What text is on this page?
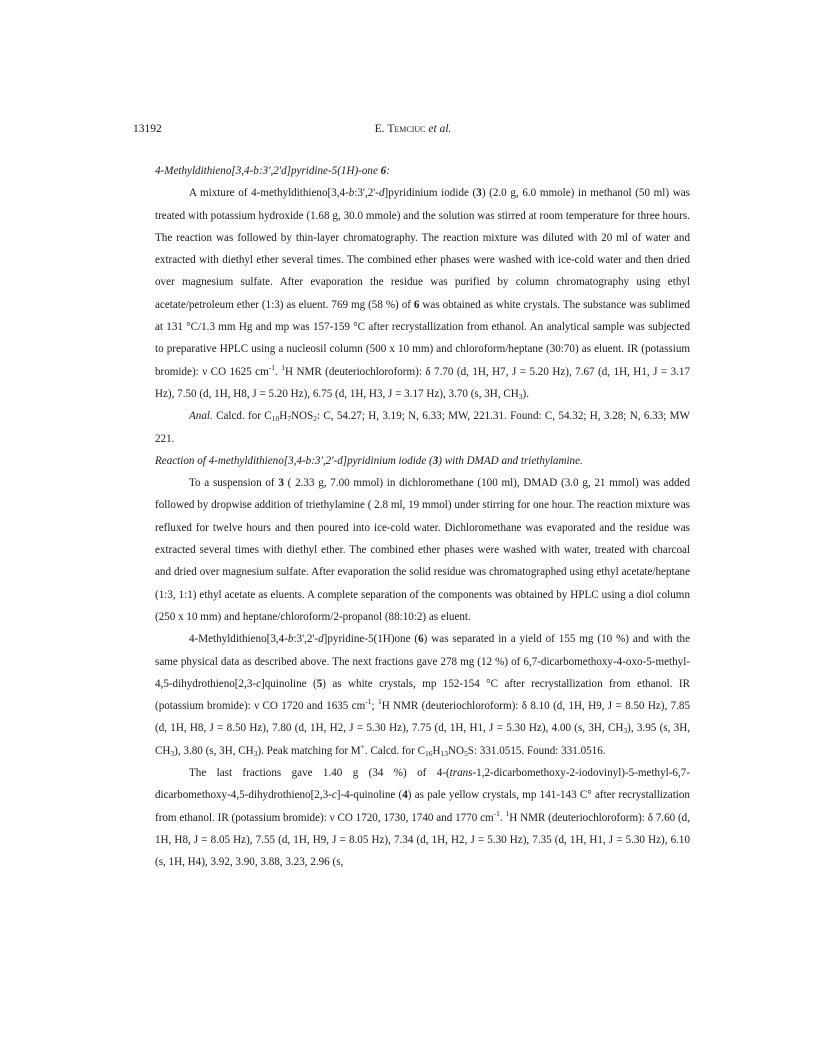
13192	E. Temciuc et al.
4-Methyldithieno[3,4-b:3',2'd]pyridine-5(1H)-one 6:

A mixture of 4-methyldithieno[3,4-b:3',2'-d]pyridinium iodide (3) (2.0 g, 6.0 mmole) in methanol (50 ml) was treated with potassium hydroxide (1.68 g, 30.0 mmole) and the solution was stirred at room temperature for three hours. The reaction was followed by thin-layer chromatography. The reaction mixture was diluted with 20 ml of water and extracted with diethyl ether several times. The combined ether phases were washed with ice-cold water and then dried over magnesium sulfate. After evaporation the residue was purified by column chromatography using ethyl acetate/petroleum ether (1:3) as eluent. 769 mg (58 %) of 6 was obtained as white crystals. The substance was sublimed at 131 °C/1.3 mm Hg and mp was 157-159 °C after recrystallization from ethanol. An analytical sample was subjected to preparative HPLC using a nucleosil column (500 x 10 mm) and chloroform/heptane (30:70) as eluent. IR (potassium bromide): ν CO 1625 $cm^{-1}$. $^1$H NMR (deuteriochloroform): δ 7.70 (d, 1H, H7, J = 5.20 Hz), 7.67 (d, 1H, H1, J = 3.17 Hz), 7.50 (d, 1H, H8, J = 5.20 Hz), 6.75 (d, 1H, H3, J = 3.17 Hz), 3.70 (s, 3H, $CH_3$).

Anal. Calcd. for $C_{10}H_7NOS_2$: C, 54.27; H, 3.19; N, 6.33; MW, 221.31. Found: C, 54.32; H, 3.28; N, 6.33; MW 221.

Reaction of 4-methyldithieno[3,4-b:3',2'-d]pyridinium iodide (3) with DMAD and triethylamine.

To a suspension of 3 ( 2.33 g, 7.00 mmol) in dichloromethane (100 ml), DMAD (3.0 g, 21 mmol) was added followed by dropwise addition of triethylamine ( 2.8 ml, 19 mmol) under stirring for one hour. The reaction mixture was refluxed for twelve hours and then poured into ice-cold water. Dichloromethane was evaporated and the residue was extracted several times with diethyl ether. The combined ether phases were washed with water, treated with charcoal and dried over magnesium sulfate. After evaporation the solid residue was chromatographed using ethyl acetate/heptane (1:3, 1:1) ethyl acetate as eluents. A complete separation of the components was obtained by HPLC using a diol column (250 x 10 mm) and heptane/chloroform/2-propanol (88:10:2) as eluent.

4-Methyldithieno[3,4-b:3',2'-d]pyridine-5(1H)one (6) was separated in a yield of 155 mg (10 %) and with the same physical data as described above. The next fractions gave 278 mg (12 %) of 6,7-dicarbomethoxy-4-oxo-5-methyl-4,5-dihydrothieno[2,3-c]quinoline (5) as white crystals, mp 152-154 °C after recrystallization from ethanol. IR (potassium bromide): ν CO 1720 and 1635 $cm^{-1}$; $^1$H NMR (deuteriochloroform): δ 8.10 (d, 1H, H9, J = 8.50 Hz), 7.85 (d, 1H, H8, J = 8.50 Hz), 7.80 (d, 1H, H2, J = 5.30 Hz), 7.75 (d, 1H, H1, J = 5.30 Hz), 4.00 (s, 3H, $CH_3$), 3.95 (s, 3H, $CH_3$), 3.80 (s, 3H, $CH_3$). Peak matching for M+. Calcd. for $C_{16}H_{13}NO_5S$: 331.0515. Found: 331.0516.

The last fractions gave 1.40 g (34 %) of 4-(trans-1,2-dicarbomethoxy-2-iodovinyl)-5-methyl-6,7-dicarbomethoxy-4,5-dihydrothieno[2,3-c]-4-quinoline (4) as pale yellow crystals, mp 141-143 C° after recrystallization from ethanol. IR (potassium bromide): ν CO 1720, 1730, 1740 and 1770 $cm^{-1}$. $^1$H NMR (deuteriochloroform): δ 7.60 (d, 1H, H8, J = 8.05 Hz), 7.55 (d, 1H, H9, J = 8.05 Hz), 7.34 (d, 1H, H2, J = 5.30 Hz), 7.35 (d, 1H, H1, J = 5.30 Hz), 6.10 (s, 1H, H4), 3.92, 3.90, 3.88, 3.23, 2.96 (s,
